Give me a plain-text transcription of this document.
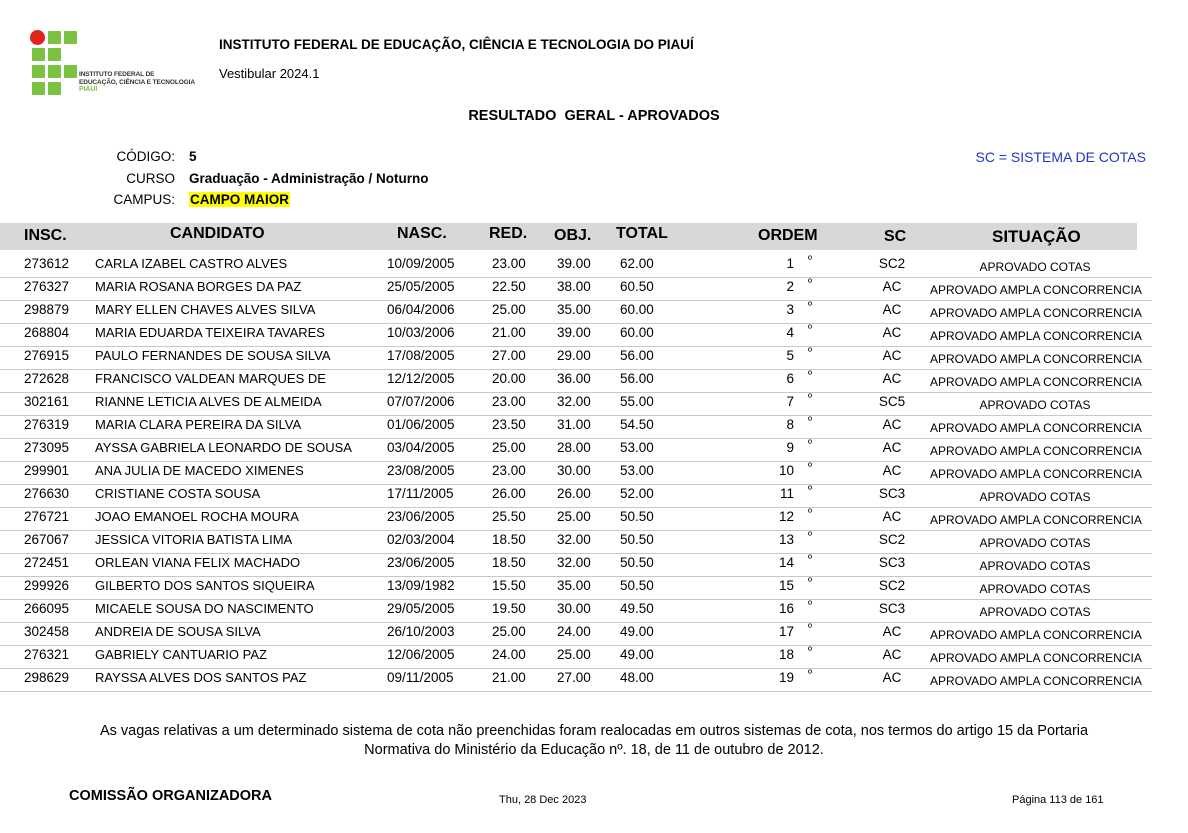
INSTITUTO FEDERAL DE
EDUCAÇÃO, CIÊNCIA E TECNOLOGIA
PIAUÍ
INSTITUTO FEDERAL DE EDUCAÇÃO, CIÊNCIA E TECNOLOGIA DO PIAUÍ
Vestibular 2024.1
RESULTADO  GERAL - APROVADOS
CÓDIGO: 5
CURSO Graduação - Administração / Noturno
CAMPUS: CAMPO MAIOR
SC = SISTEMA DE COTAS
INSC.	CANDIDATO	NASC.	RED. OBJ. TOTAL	ORDEM	SC	SITUAÇÃO
273612 CARLA IZABEL CASTRO ALVES	10/09/2005	23.00 39.00 62.00	1 º	SC2	APROVADO COTAS
276327 MARIA ROSANA BORGES DA PAZ	25/05/2005	22.50 38.00 60.50	2 º	AC	APROVADO AMPLA CONCORRENCIA
298879 MARY ELLEN CHAVES ALVES SILVA	06/04/2006	25.00 35.00 60.00	3 º	AC	APROVADO AMPLA CONCORRENCIA
268804 MARIA EDUARDA TEIXEIRA TAVARES	10/03/2006	21.00 39.00 60.00	4 º	AC	APROVADO AMPLA CONCORRENCIA
276915 PAULO FERNANDES DE SOUSA SILVA	17/08/2005	27.00 29.00 56.00	5 º	AC	APROVADO AMPLA CONCORRENCIA
272628 FRANCISCO VALDEAN MARQUES DE	12/12/2005	20.00 36.00 56.00	6 º	AC	APROVADO AMPLA CONCORRENCIA
302161 RIANNE LETICIA ALVES DE ALMEIDA	07/07/2006	23.00 32.00 55.00	7 º	SC5	APROVADO COTAS
276319 MARIA CLARA PEREIRA DA SILVA	01/06/2005	23.50 31.00 54.50	8 º	AC	APROVADO AMPLA CONCORRENCIA
273095 AYSSA GABRIELA LEONARDO DE SOUSA	03/04/2005	25.00 28.00 53.00	9 º	AC	APROVADO AMPLA CONCORRENCIA
299901 ANA JULIA DE MACEDO XIMENES	23/08/2005	23.00 30.00 53.00	10 º	AC	APROVADO AMPLA CONCORRENCIA
276630 CRISTIANE COSTA SOUSA	17/11/2005	26.00 26.00 52.00	11 º	SC3	APROVADO COTAS
276721 JOAO EMANOEL ROCHA MOURA	23/06/2005	25.50 25.00 50.50	12 º	AC	APROVADO AMPLA CONCORRENCIA
267067 JESSICA VITORIA BATISTA LIMA	02/03/2004	18.50 32.00 50.50	13 º	SC2	APROVADO COTAS
272451 ORLEAN VIANA FELIX MACHADO	23/06/2005	18.50 32.00 50.50	14 º	SC3	APROVADO COTAS
299926 GILBERTO DOS SANTOS SIQUEIRA	13/09/1982	15.50 35.00 50.50	15 º	SC2	APROVADO COTAS
266095 MICAELE SOUSA DO NASCIMENTO	29/05/2005	19.50 30.00 49.50	16 º	SC3	APROVADO COTAS
302458 ANDREIA DE SOUSA SILVA	26/10/2003	25.00 24.00 49.00	17 º	AC	APROVADO AMPLA CONCORRENCIA
276321 GABRIELY CANTUARIO PAZ	12/06/2005	24.00 25.00 49.00	18 º	AC	APROVADO AMPLA CONCORRENCIA
298629 RAYSSA ALVES DOS SANTOS PAZ	09/11/2005	21.00 27.00 48.00	19 º	AC	APROVADO AMPLA CONCORRENCIA
As vagas relativas a um determinado sistema de cota não preenchidas foram realocadas em outros sistemas de cota, nos termos do artigo 15 da Portaria
Normativa do Ministério da Educação nº. 18, de 11 de outubro de 2012.
COMISSÃO ORGANIZADORA	Thu, 28 Dec 2023	Página 113 de 161
